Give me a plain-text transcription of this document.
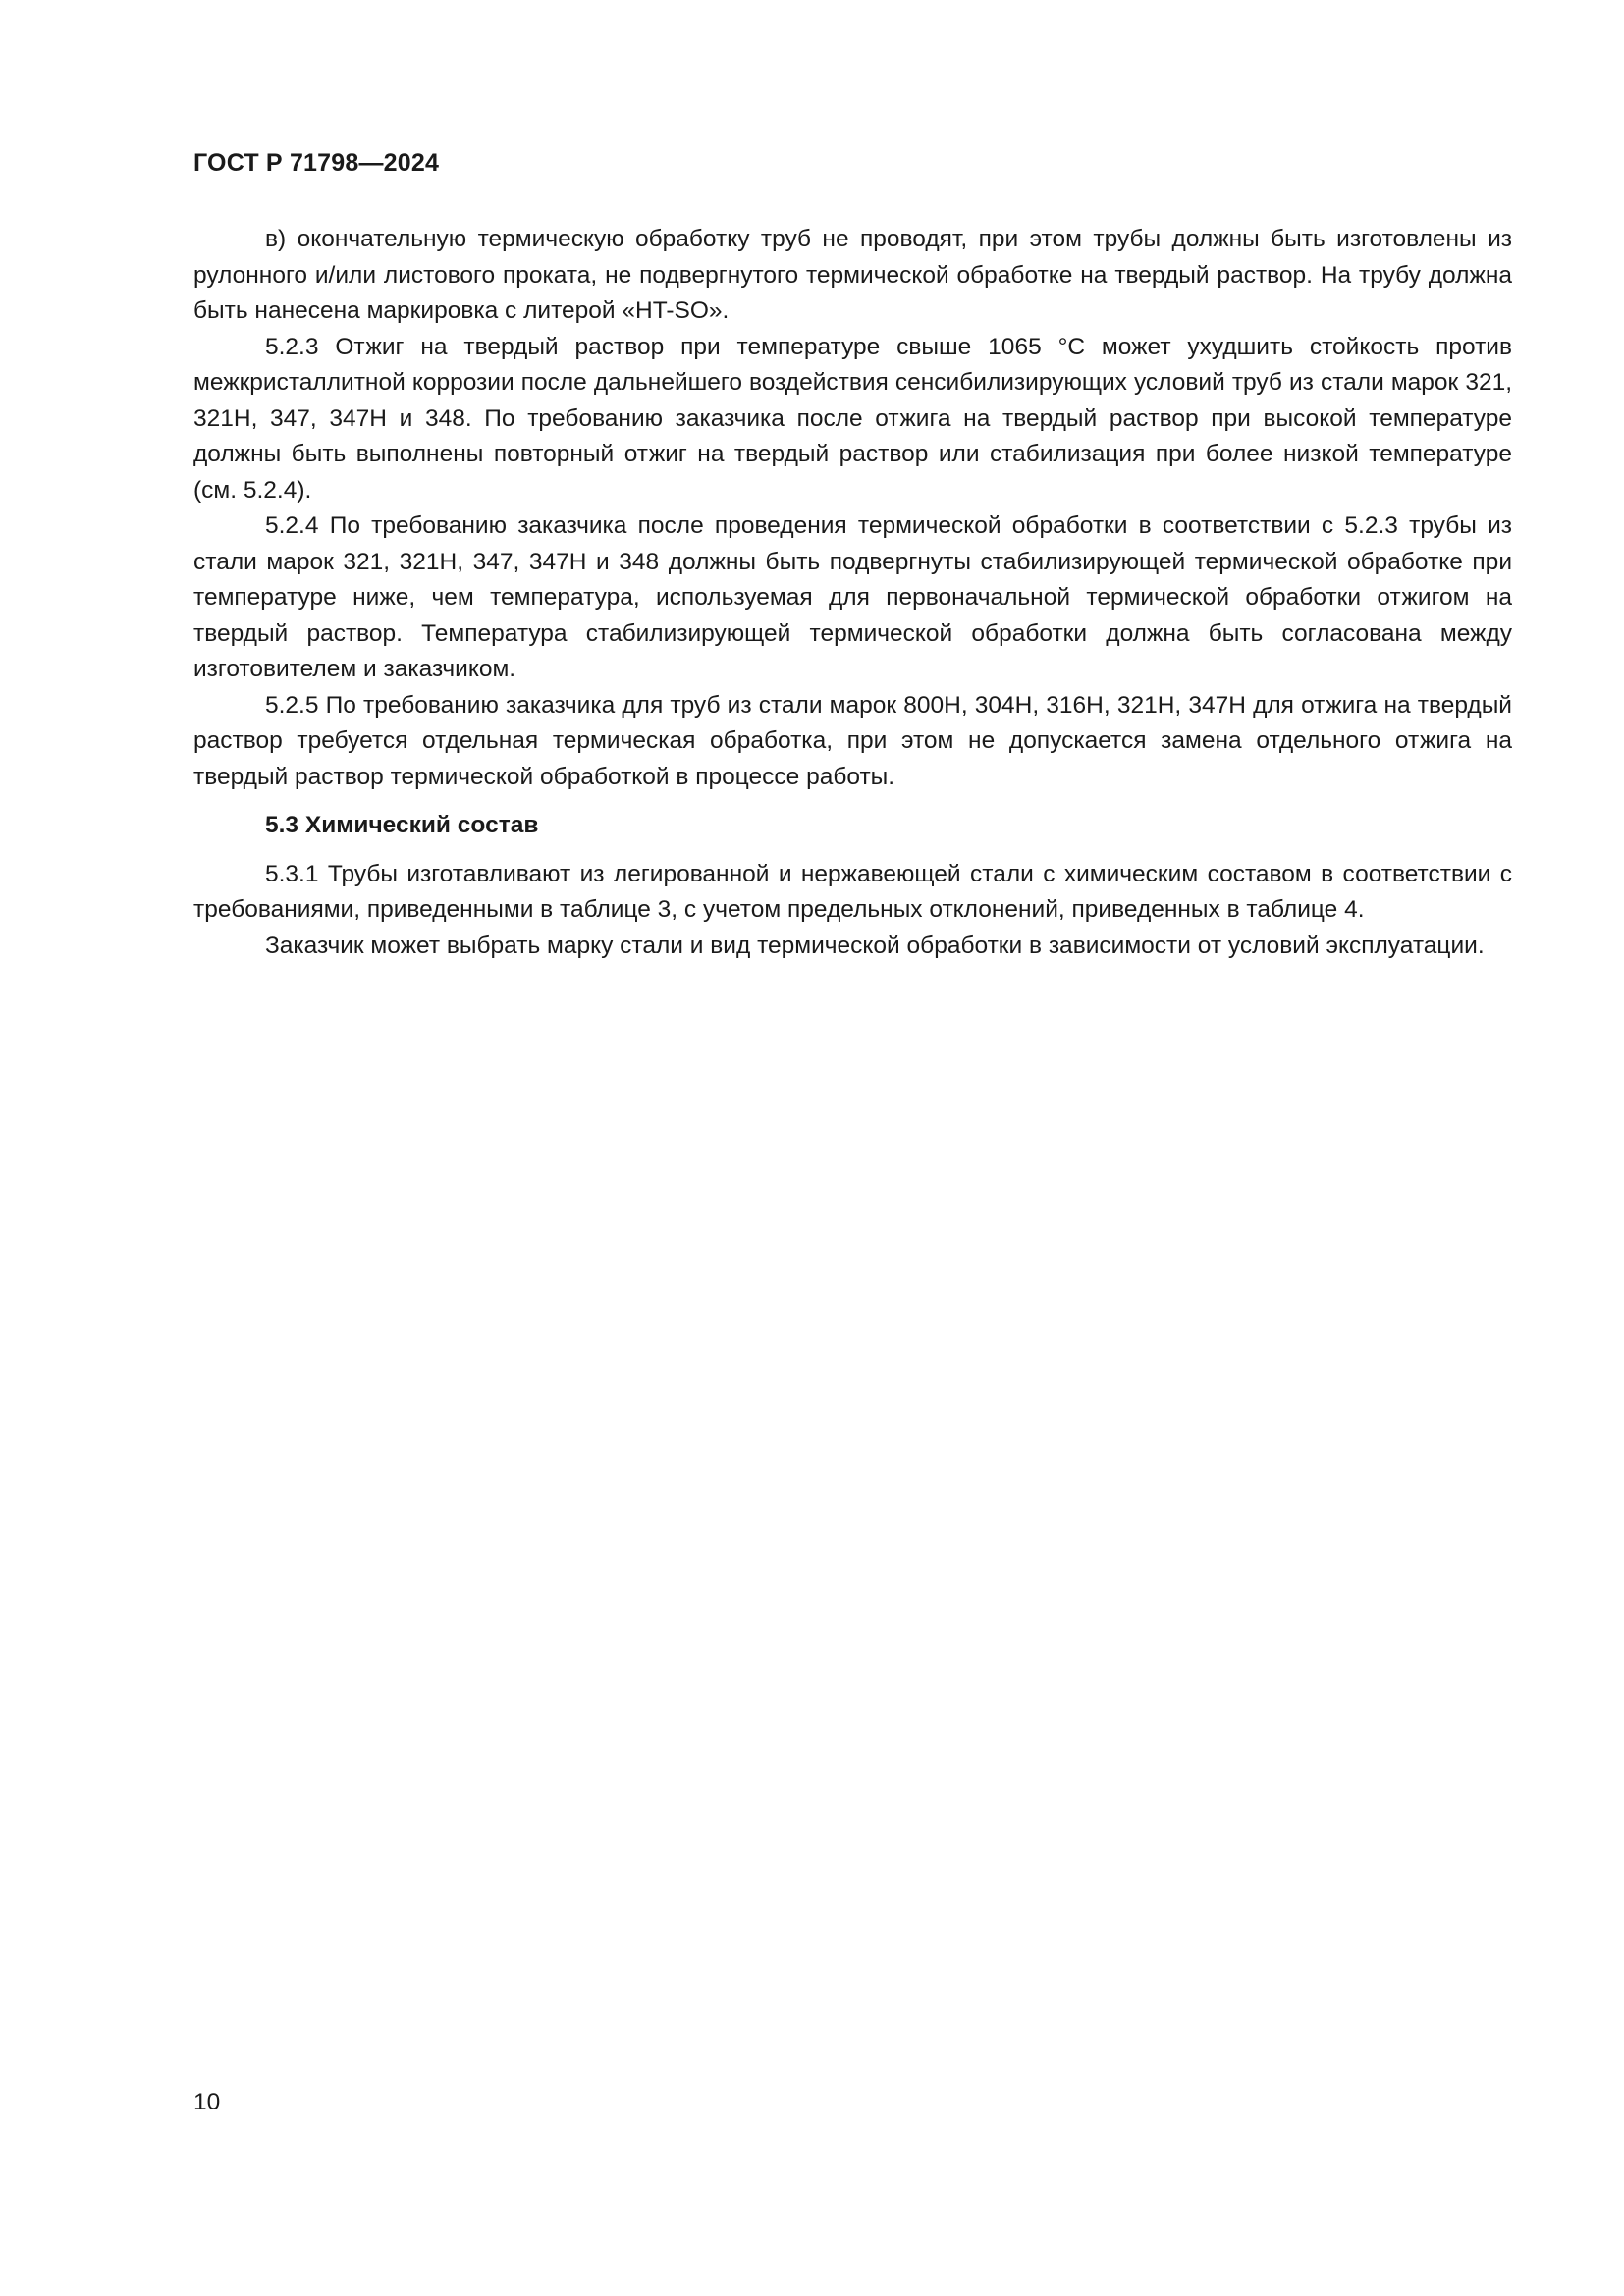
ГОСТ Р 71798—2024

в) окончательную термическую обработку труб не проводят, при этом трубы должны быть изготовлены из рулонного и/или листового проката, не подвергнутого термической обработке на твердый раствор. На трубу должна быть нанесена маркировка с литерой «HT-SO».

5.2.3 Отжиг на твердый раствор при температуре свыше 1065 °С может ухудшить стойкость против межкристаллитной коррозии после дальнейшего воздействия сенсибилизирующих условий труб из стали марок 321, 321Н, 347, 347Н и 348. По требованию заказчика после отжига на твердый раствор при высокой температуре должны быть выполнены повторный отжиг на твердый раствор или стабилизация при более низкой температуре (см. 5.2.4).

5.2.4 По требованию заказчика после проведения термической обработки в соответствии с 5.2.3 трубы из стали марок 321, 321Н, 347, 347Н и 348 должны быть подвергнуты стабилизирующей термической обработке при температуре ниже, чем температура, используемая для первоначальной термической обработки отжигом на твердый раствор. Температура стабилизирующей термической обработки должна быть согласована между изготовителем и заказчиком.

5.2.5 По требованию заказчика для труб из стали марок 800Н, 304Н, 316Н, 321Н, 347Н для отжига на твердый раствор требуется отдельная термическая обработка, при этом не допускается замена отдельного отжига на твердый раствор термической обработкой в процессе работы.

5.3 Химический состав

5.3.1 Трубы изготавливают из легированной и нержавеющей стали с химическим составом в соответствии с требованиями, приведенными в таблице 3, с учетом предельных отклонений, приведенных в таблице 4.

Заказчик может выбрать марку стали и вид термической обработки в зависимости от условий эксплуатации.

10
